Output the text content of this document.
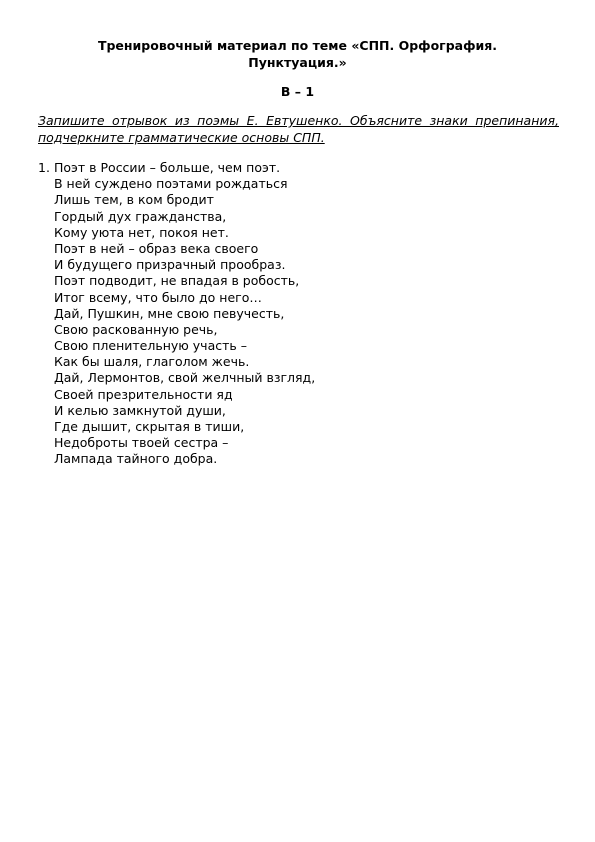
Тренировочный материал по теме «СПП. Орфография. Пунктуация.»

В – 1

Запишите отрывок из поэмы Е. Евтушенко. Объясните знаки препинания, подчеркните грамматические основы СПП.

1. Поэт в России – больше, чем поэт.
В ней суждено поэтами рождаться
Лишь тем, в ком бродит
Гордый дух гражданства,
Кому уюта нет, покоя нет.
Поэт в ней – образ века своего
И будущего призрачный прообраз.
Поэт подводит, не впадая в робость,
Итог всему, что было до него…
Дай, Пушкин, мне свою певучесть,
Свою раскованную речь,
Свою пленительную участь –
Как бы шаля, глаголом жечь.
Дай, Лермонтов, свой желчный взгляд,
Своей презрительности яд
И келью замкнутой души,
Где дышит, скрытая в тиши,
Недоброты твоей сестра –
Лампада тайного добра.
